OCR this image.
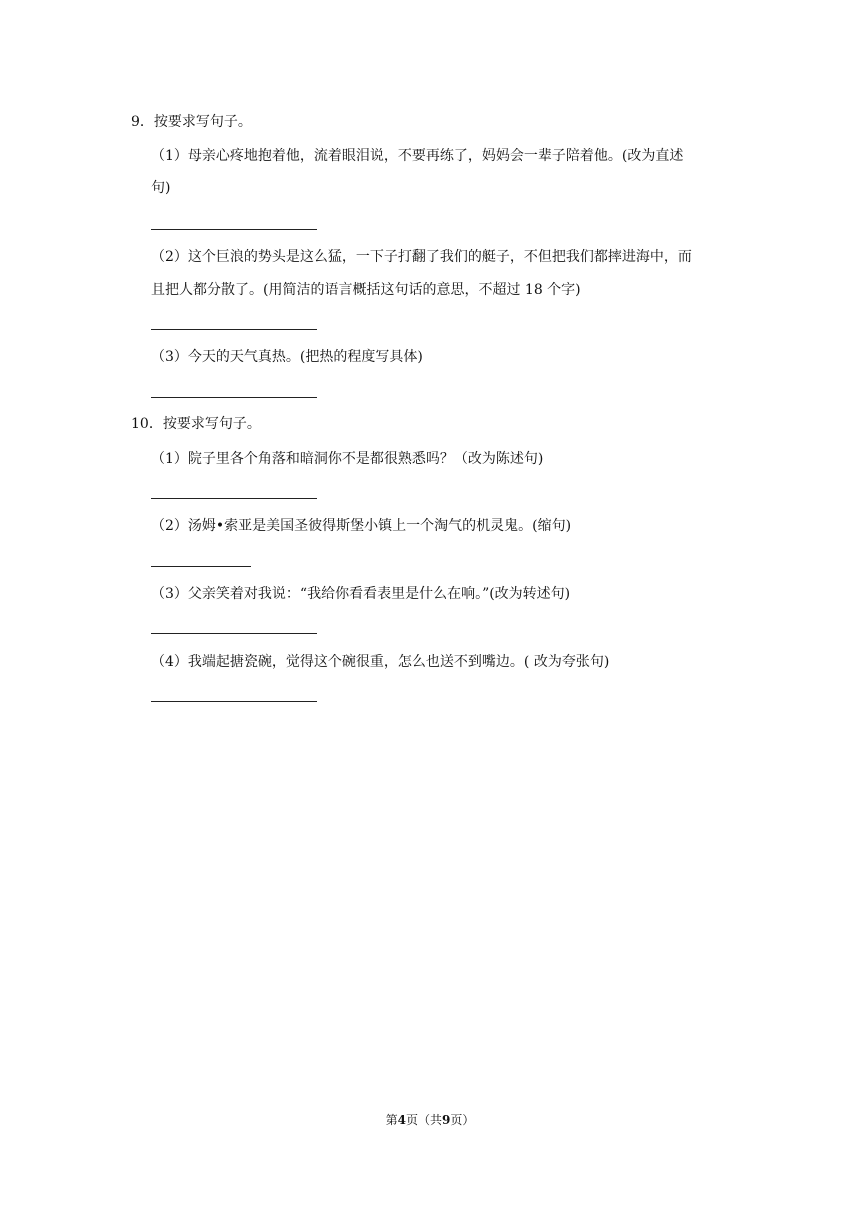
9．按要求写句子。
（1）母亲心疼地抱着他，流着眼泪说，不要再练了，妈妈会一辈子陪着他。(改为直述
句)
（2）这个巨浪的势头是这么猛，一下子打翻了我们的艇子，不但把我们都摔进海中，而
且把人都分散了。(用简洁的语言概括这句话的意思，不超过 18 个字)
（3）今天的天气真热。(把热的程度写具体)
10．按要求写句子。
（1）院子里各个角落和暗洞你不是都很熟悉吗？（改为陈述句)
（2）汤姆•索亚是美国圣彼得斯堡小镇上一个淘气的机灵鬼。(缩句)
（3）父亲笑着对我说：“我给你看看表里是什么在响。”(改为转述句)
（4）我端起搪瓷碗，觉得这个碗很重，怎么也送不到嘴边。( 改为夸张句)
第4页（共9页）
